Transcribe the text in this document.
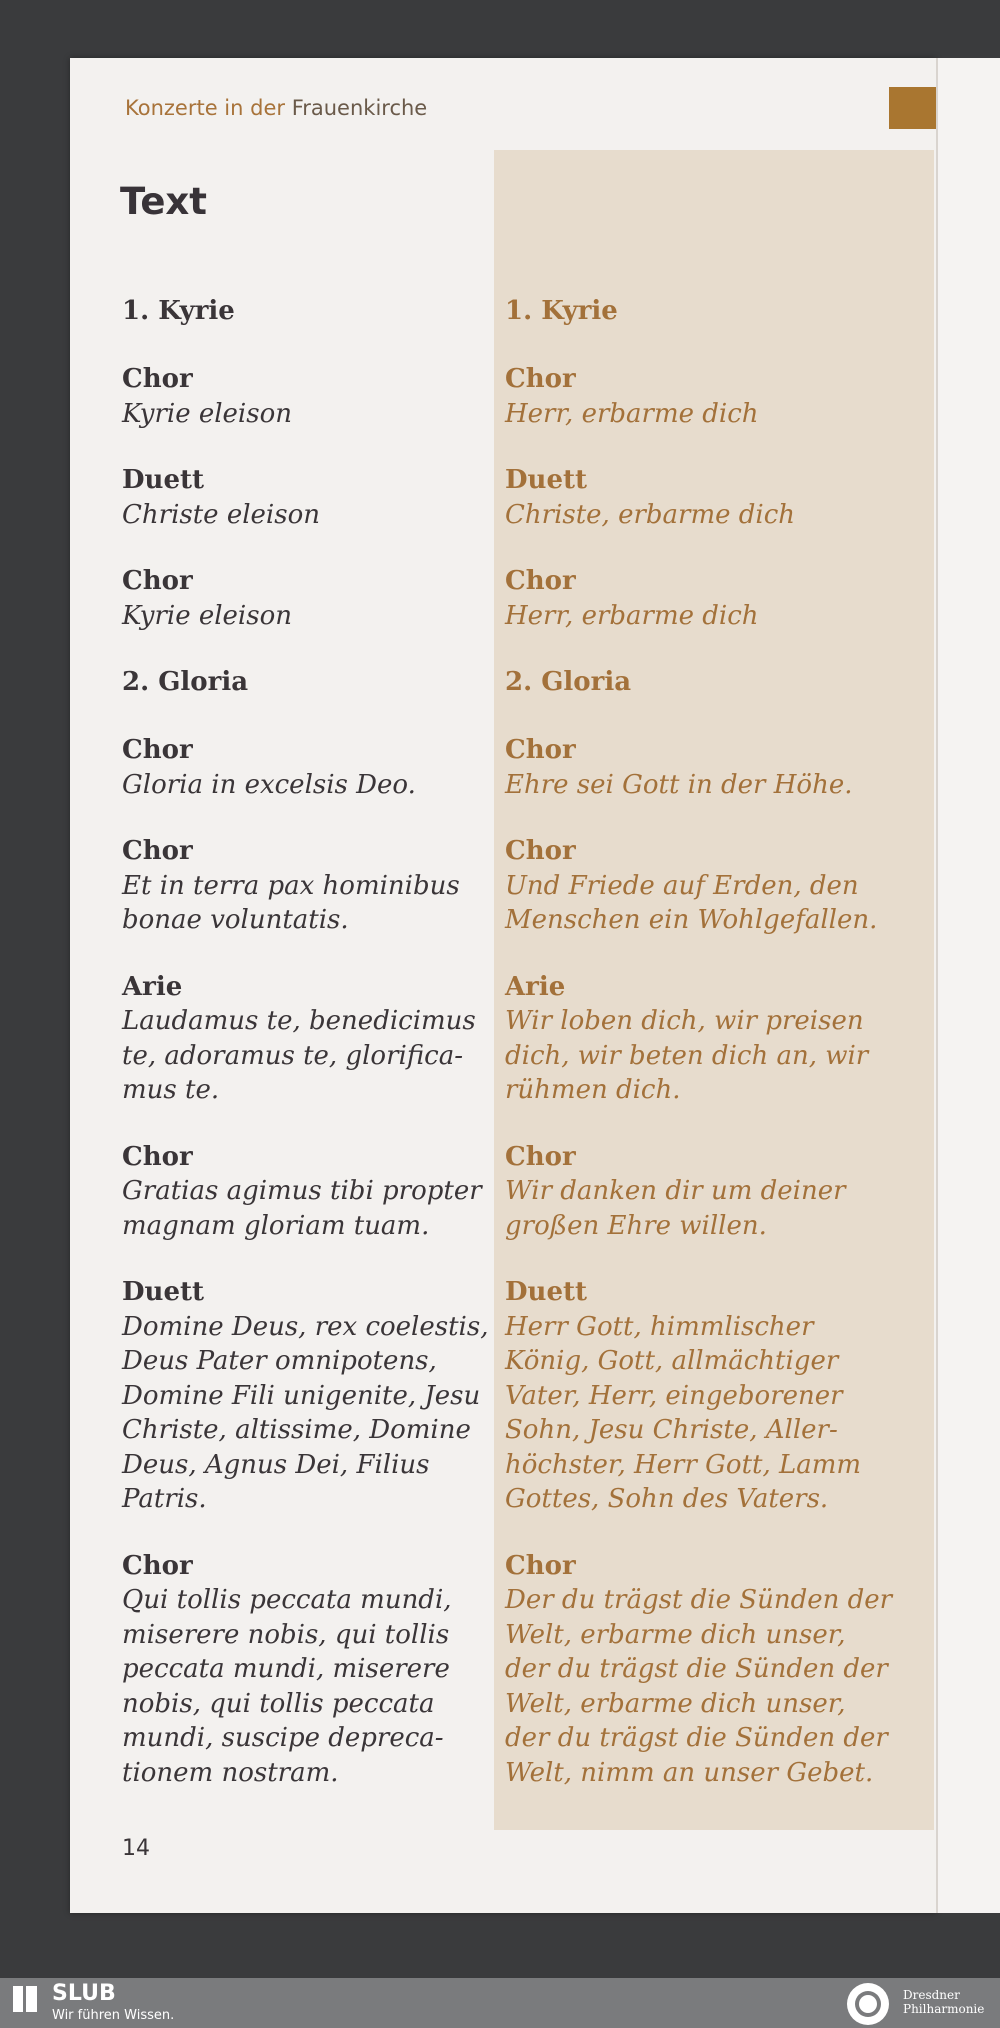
Konzerte in der Frauenkirche
Text
1. Kyrie
Chor
Kyrie eleison
Duett
Christe eleison
Chor
Kyrie eleison
2. Gloria
Chor
Gloria in excelsis Deo.
Chor
Et in terra pax hominibus
bonae voluntatis.
Arie
Laudamus te, benedicimus
te, adoramus te, glorifica-
mus te.
Chor
Gratias agimus tibi propter
magnam gloriam tuam.
Duett
Domine Deus, rex coelestis,
Deus Pater omnipotens,
Domine Fili unigenite, Jesu
Christe, altissime, Domine
Deus, Agnus Dei, Filius
Patris.
Chor
Qui tollis peccata mundi,
miserere nobis, qui tollis
peccata mundi, miserere
nobis, qui tollis peccata
mundi, suscipe depreca-
tionem nostram.
1. Kyrie
Chor
Herr, erbarme dich
Duett
Christe, erbarme dich
Chor
Herr, erbarme dich
2. Gloria
Chor
Ehre sei Gott in der Höhe.
Chor
Und Friede auf Erden, den
Menschen ein Wohlgefallen.
Arie
Wir loben dich, wir preisen
dich, wir beten dich an, wir
rühmen dich.
Chor
Wir danken dir um deiner
großen Ehre willen.
Duett
Herr Gott, himmlischer
König, Gott, allmächtiger
Vater, Herr, eingeborener
Sohn, Jesu Christe, Aller-
höchster, Herr Gott, Lamm
Gottes, Sohn des Vaters.
Chor
Der du trägst die Sünden der
Welt, erbarme dich unser,
der du trägst die Sünden der
Welt, erbarme dich unser,
der du trägst die Sünden der
Welt, nimm an unser Gebet.
14
SLUB
Wir führen Wissen.
Dresdner
Philharmonie
